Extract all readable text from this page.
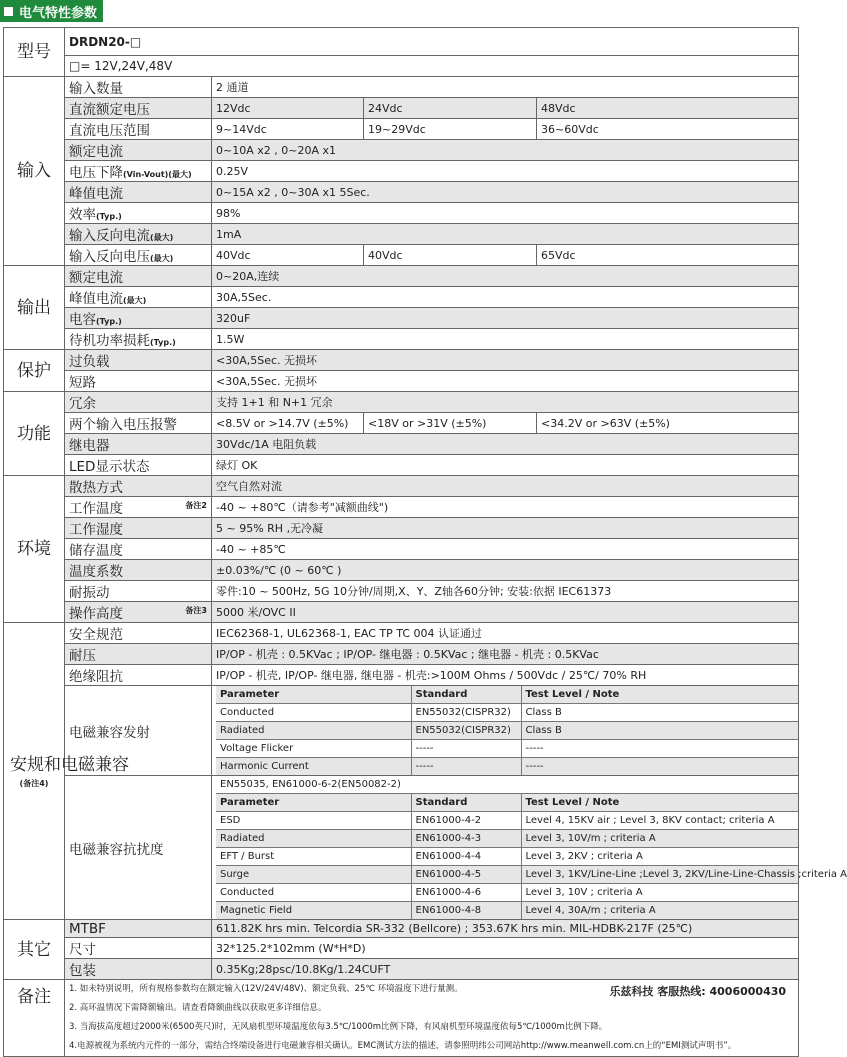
电气特性参数
型号	DRDN20-□
□= 12V,24V,48V
输入	输入数量	2 通道
直流额定电压	12Vdc	24Vdc	48Vdc
直流电压范围	9~14Vdc	19~29Vdc	36~60Vdc
额定电流	0~10A x2 , 0~20A x1
电压下降(Vin-Vout)(最大)	0.25V
峰值电流	0~15A x2 , 0~30A x1 5Sec.
效率(Typ.)	98%
输入反向电流(最大)	1mA
输入反向电压(最大)	40Vdc	40Vdc	65Vdc
输出	额定电流	0~20A,连续
峰值电流(最大)	30A,5Sec.
电容(Typ.)	320uF
待机功率损耗(Typ.)	1.5W
保护	过负载	<30A,5Sec. 无损坏
短路	<30A,5Sec. 无损坏
功能	冗余	支持 1+1 和 N+1 冗余
两个输入电压报警	<8.5V or >14.7V (±5%)	<18V or >31V (±5%)	<34.2V or >63V (±5%)
继电器	30Vdc/1A 电阻负载
LED显示状态	绿灯 OK
环境	散热方式	空气自然对流
工作温度	备注2	-40 ~ +80℃（请参考"减额曲线")
工作湿度	5 ~ 95% RH ,无冷凝
储存温度	-40 ~ +85℃
温度系数	±0.03%/℃ (0 ~ 60℃ )
耐振动	零件:10 ~ 500Hz, 5G 10分钟/周期,X、Y、Z轴各60分钟; 安装:依据 IEC61373
操作高度	备注3	5000 米/OVC II

安规和电磁兼容
(备注4)
	安全规范	IEC62368-1, UL62368-1, EAC TP TC 004 认证通过
耐压	IP/OP - 机壳 : 0.5KVac ; IP/OP- 继电器 : 0.5KVac ; 继电器 - 机壳 : 0.5KVac
绝缘阻抗	IP/OP - 机壳, IP/OP- 继电器, 继电器 - 机壳:>100M Ohms / 500Vdc / 25℃/ 70% RH
电磁兼容发射	
Parameter	Standard	Test Level / Note
Conducted	EN55032(CISPR32)	Class B
Radiated	EN55032(CISPR32)	Class B
Voltage Flicker	-----	-----
Harmonic Current	-----	-----

电磁兼容抗扰度	
EN55035, EN61000-6-2(EN50082-2)
Parameter	Standard	Test Level / Note
ESD	EN61000-4-2	Level 4, 15KV air ; Level 3, 8KV contact; criteria A
Radiated	EN61000-4-3	Level 3, 10V/m ; criteria A
EFT / Burst	EN61000-4-4	Level 3, 2KV ; criteria A
Surge	EN61000-4-5	Level 3, 1KV/Line-Line ;Level 3, 2KV/Line-Line-Chassis ;criteria A
Conducted	EN61000-4-6	Level 3, 10V ; criteria A
Magnetic Field	EN61000-4-8	Level 4, 30A/m ; criteria A

其它	MTBF	611.82K hrs min. Telcordia SR-332 (Bellcore) ; 353.67K hrs min. MIL-HDBK-217F (25℃)
尺寸	32*125.2*102mm (W*H*D)
包装	0.35Kg;28psc/10.8Kg/1.24CUFT
备注	乐兹科技 客服热线: 4006000430
1. 如未特别说明，所有规格参数均在额定输入(12V/24V/48V)、额定负载、25℃ 环境温度下进行量测。
2. 高环温情况下需降额输出。请查看降额曲线以获取更多详细信息。
3. 当海拔高度超过2000米(6500英尺)时，无风扇机型环境温度依每3.5℃/1000m比例下降，有风扇机型环境温度依每5℃/1000m比例下降。
4.电源被视为系统内元件的一部分，需结合终端设备进行电磁兼容相关确认。EMC测试方法的描述，请参照明纬公司网站http://www.meanwell.com.cn上的“EMI测试声明书”。
